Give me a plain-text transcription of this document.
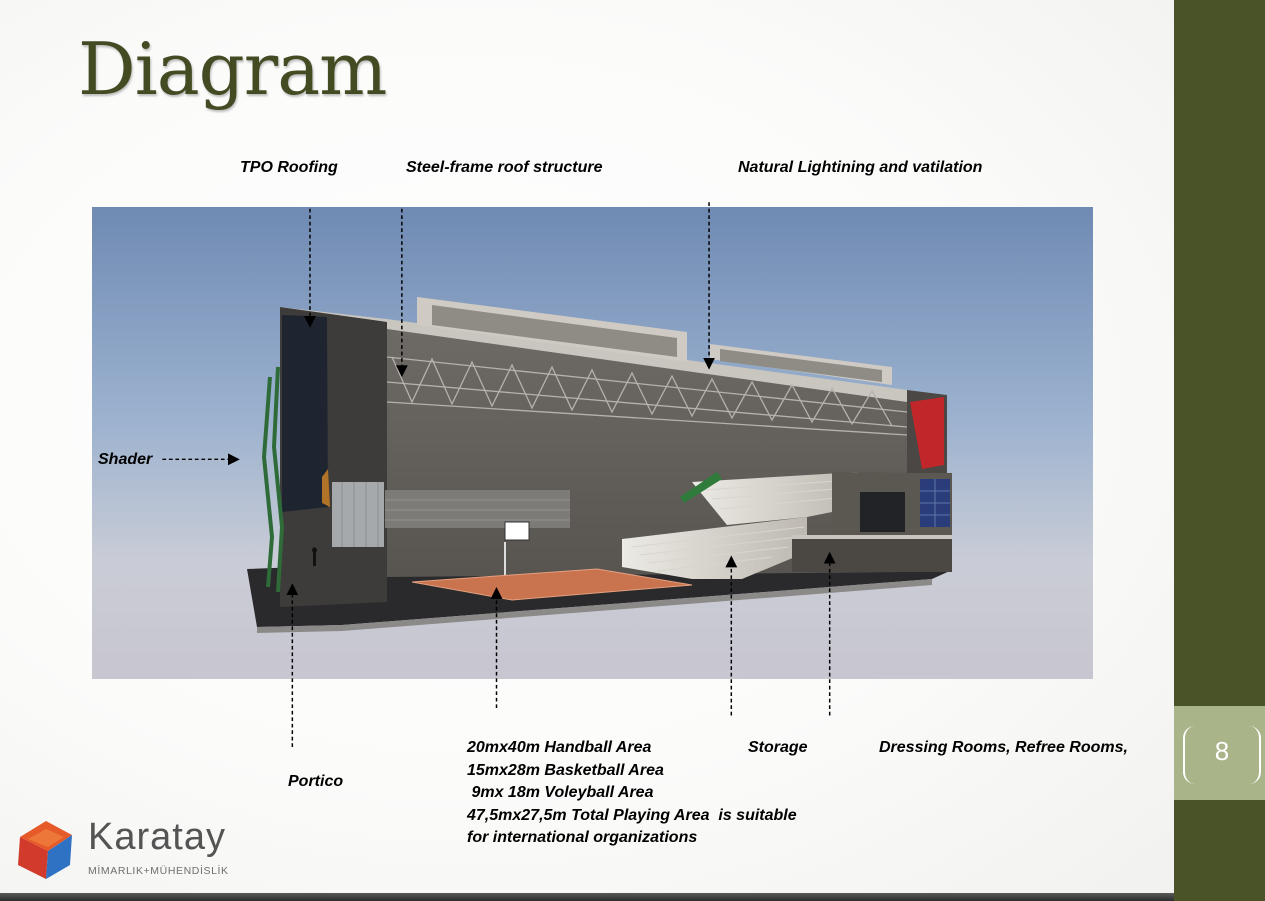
8
Diagram
TPO Roofing	Steel-frame roof structure	Natural Lightining and vatilation
Shader
Portico
20mx40m Handball Area
15mx28m Basketball Area
9mx 18m Voleyball Area
47,5mx27,5m Total Playing Area  is suitable
for international organizations
Storage	Dressing Rooms, Refree Rooms,
Karatay
MİMARLIK+MÜHENDİSLİK
